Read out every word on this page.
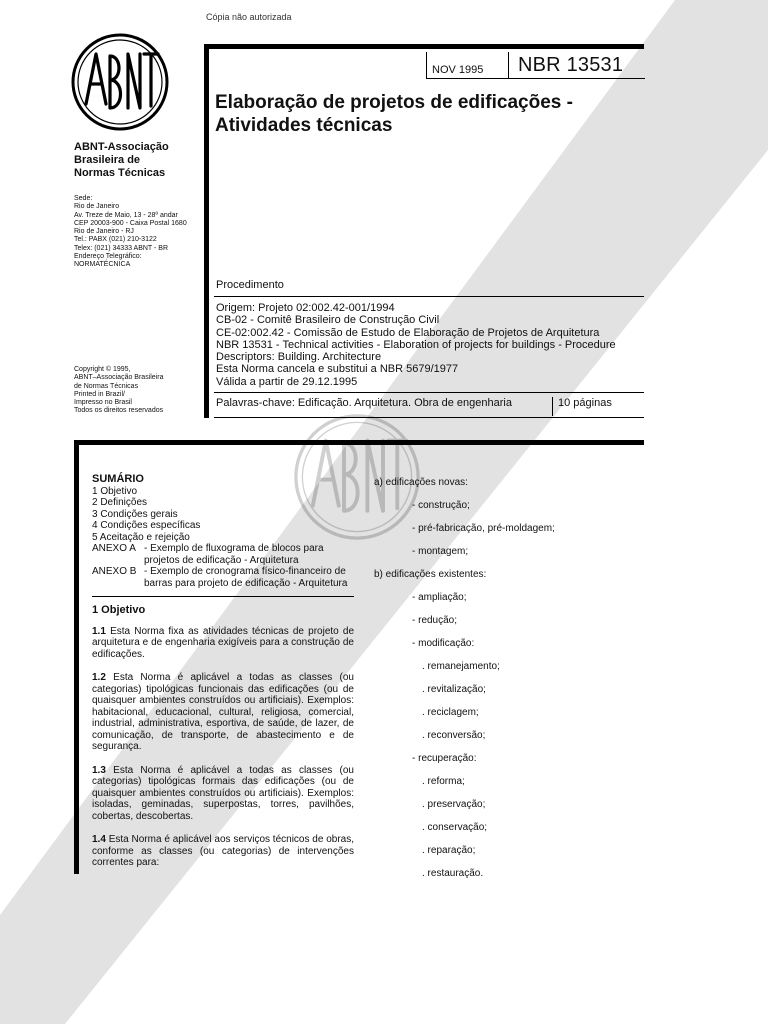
Cópia não autorizada
ABNT-Associação
Brasileira de
Normas Técnicas
Sede:
Rio de Janeiro
Av. Treze de Maio, 13 - 28º andar
CEP 20003-900 - Caixa Postal 1680
Rio de Janeiro - RJ
Tel.: PABX (021) 210-3122
Telex: (021) 34333 ABNT - BR
Endereço Telegráfico:
NORMATÉCNICA
Copyright © 1995,
ABNT–Associação Brasileira
de Normas Técnicas
Printed in Brazil/
Impresso no Brasil
Todos os direitos reservados
NOV 1995 NBR 13531
Elaboração de projetos de edificações -
Atividades técnicas
Procedimento
Origem: Projeto 02:002.42-001/1994
CB-02 - Comitê Brasileiro de Construção Civil
CE-02:002.42 - Comissão de Estudo de Elaboração de Projetos de Arquitetura
NBR 13531 - Technical activities - Elaboration of projects for buildings - Procedure
Descriptors: Building. Architecture
Esta Norma cancela e substitui a NBR 5679/1977
Válida a partir de 29.12.1995
Palavras-chave: Edificação. Arquitetura. Obra de engenharia	10 páginas

SUMÁRIO

1 Objetivo

2 Definições

3 Condições gerais

4 Condições específicas

5 Aceitação e rejeição

ANEXO A - Exemplo de fluxograma de blocos para projetos de edificação - Arquitetura
ANEXO B - Exemplo de cronograma físico-financeiro de barras para projeto de edificação - Arquitetura

1 Objetivo

1.1 Esta Norma fixa as atividades técnicas de projeto de arquitetura e de engenharia exigíveis para a construção de edificações.

1.2 Esta Norma é aplicável a todas as classes (ou categorias) tipológicas funcionais das edificações (ou de quaisquer ambientes construídos ou artificiais). Exemplos: habitacional, educacional, cultural, religiosa, comercial, industrial, administrativa, esportiva, de saúde, de lazer, de comunicação, de transporte, de abastecimento e de segurança.

1.3 Esta Norma é aplicável a todas as classes (ou categorias) tipológicas formais das edificações (ou de quaisquer ambientes construídos ou artificiais). Exemplos: isoladas, geminadas, superpostas, torres, pavilhões, cobertas, descobertas.

1.4 Esta Norma é aplicável aos serviços técnicos de obras, conforme as classes (ou categorias) de intervenções correntes para:

a) edificações novas:
- construção;
- pré-fabricação, pré-moldagem;
- montagem;
b) edificações existentes:
- ampliação;
- redução;
- modificação:
. remanejamento;
. revitalização;
. reciclagem;
. reconversão;
- recuperação:
. reforma;
. preservação;
. conservação;
. reparação;
. restauração.
